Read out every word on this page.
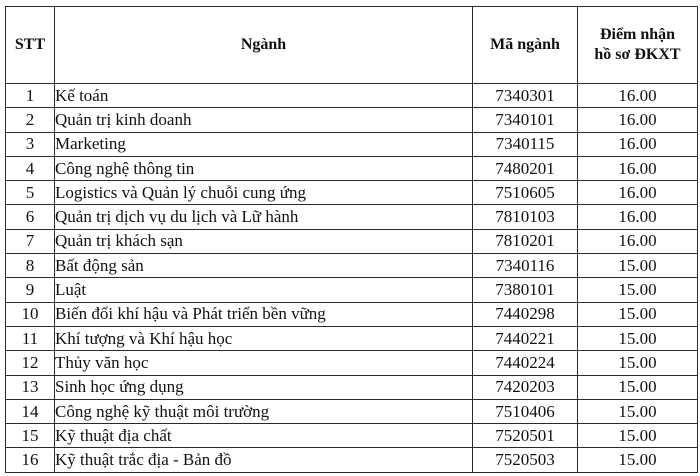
STT	Ngành	Mã ngành	Điểm nhận
hồ sơ ĐKXT

1	Kế toán	7340301	16.00
2	Quản trị kinh doanh	7340101	16.00
3	Marketing	7340115	16.00
4	Công nghệ thông tin	7480201	16.00
5	Logistics và Quản lý chuỗi cung ứng	7510605	16.00
6	Quản trị dịch vụ du lịch và Lữ hành	7810103	16.00
7	Quản trị khách sạn	7810201	16.00
8	Bất động sản	7340116	15.00
9	Luật	7380101	15.00
10	Biến đổi khí hậu và Phát triển bền vững	7440298	15.00
11	Khí tượng và Khí hậu học	7440221	15.00
12	Thủy văn học	7440224	15.00
13	Sinh học ứng dụng	7420203	15.00
14	Công nghệ kỹ thuật môi trường	7510406	15.00
15	Kỹ thuật địa chất	7520501	15.00
16	Kỹ thuật trắc địa - Bản đồ	7520503	15.00
